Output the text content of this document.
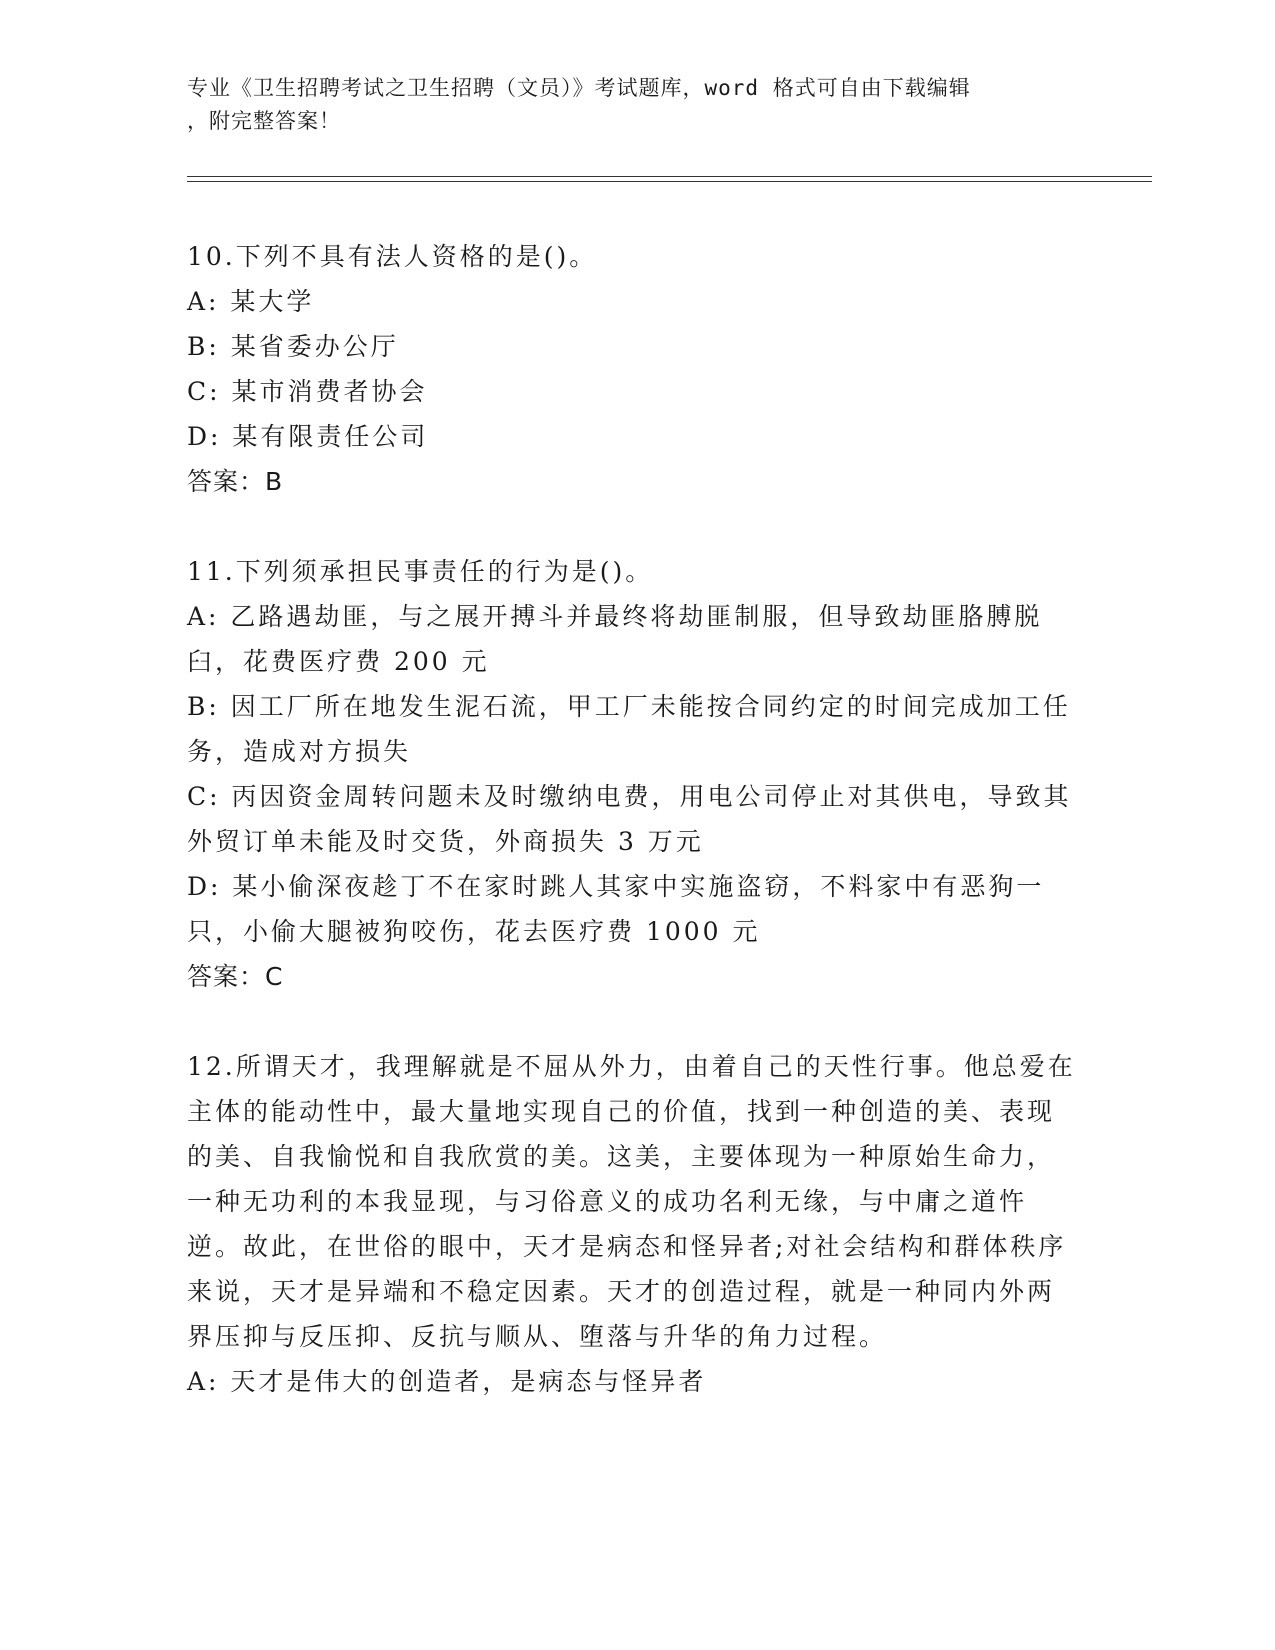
专业《卫生招聘考试之卫生招聘（文员）》考试题库，word 格式可自由下载编辑
，附完整答案！

10.下列不具有法人资格的是()。

A: 某大学

B: 某省委办公厅

C: 某市消费者协会

D: 某有限责任公司

答案：B

11.下列须承担民事责任的行为是()。

A: 乙路遇劫匪，与之展开搏斗并最终将劫匪制服，但导致劫匪胳膊脱臼，花费医疗费 200 元

B: 因工厂所在地发生泥石流，甲工厂未能按合同约定的时间完成加工任务，造成对方损失

C: 丙因资金周转问题未及时缴纳电费，用电公司停止对其供电，导致其外贸订单未能及时交货，外商损失 3 万元

D: 某小偷深夜趁丁不在家时跳人其家中实施盗窃，不料家中有恶狗一只，小偷大腿被狗咬伤，花去医疗费 1000 元

答案：C

12.所谓天才，我理解就是不屈从外力，由着自己的天性行事。他总爱在主体的能动性中，最大量地实现自己的价值，找到一种创造的美、表现的美、自我愉悦和自我欣赏的美。这美，主要体现为一种原始生命力，一种无功利的本我显现，与习俗意义的成功名利无缘，与中庸之道忤逆。故此，在世俗的眼中，天才是病态和怪异者;对社会结构和群体秩序来说，天才是异端和不稳定因素。天才的创造过程，就是一种同内外两界压抑与反压抑、反抗与顺从、堕落与升华的角力过程。

A: 天才是伟大的创造者，是病态与怪异者
